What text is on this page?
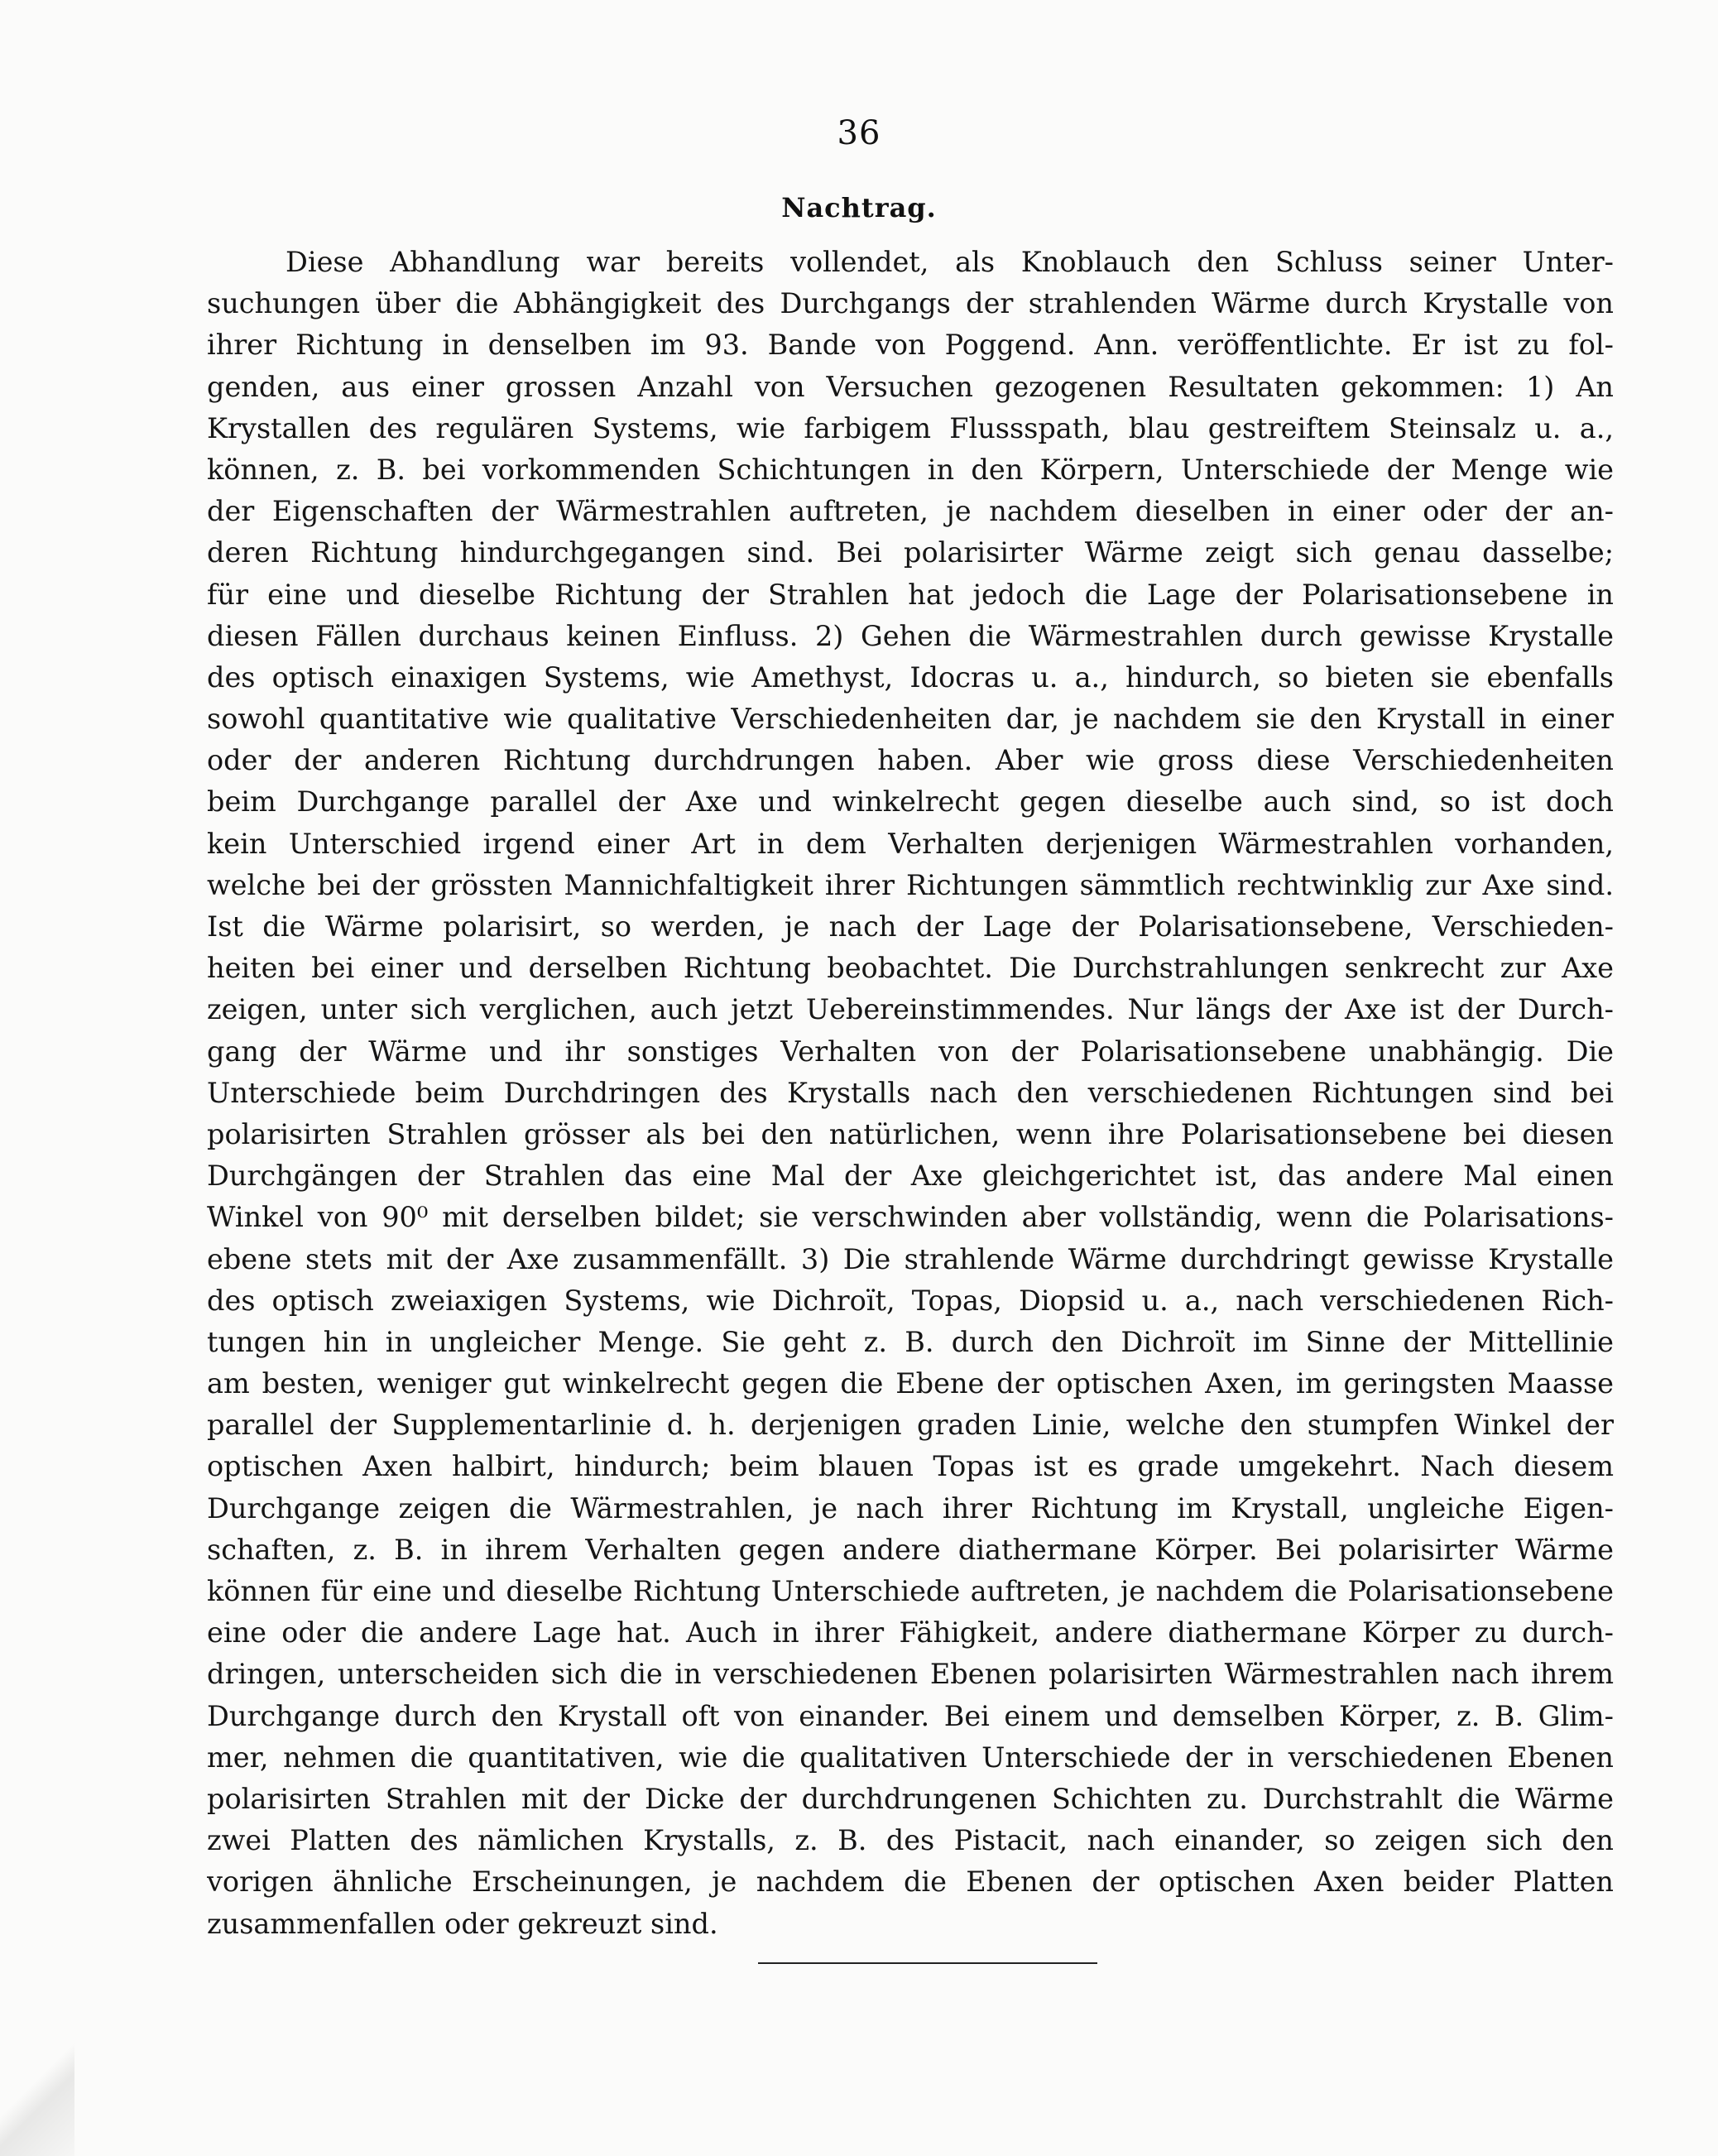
36
Nachtrag.
Diese Abhandlung war bereits vollendet, als Knoblauch den Schluss seiner Unter-
suchungen über die Abhängigkeit des Durchgangs der strahlenden Wärme durch Krystalle von
ihrer Richtung in denselben im 93. Bande von Poggend. Ann. veröffentlichte. Er ist zu fol-
genden, aus einer grossen Anzahl von Versuchen gezogenen Resultaten gekommen: 1) An
Krystallen des regulären Systems, wie farbigem Flussspath, blau gestreiftem Steinsalz u. a.,
können, z. B. bei vorkommenden Schichtungen in den Körpern, Unterschiede der Menge wie
der Eigenschaften der Wärmestrahlen auftreten, je nachdem dieselben in einer oder der an-
deren Richtung hindurchgegangen sind. Bei polarisirter Wärme zeigt sich genau dasselbe;
für eine und dieselbe Richtung der Strahlen hat jedoch die Lage der Polarisationsebene in
diesen Fällen durchaus keinen Einfluss. 2) Gehen die Wärmestrahlen durch gewisse Krystalle
des optisch einaxigen Systems, wie Amethyst, Idocras u. a., hindurch, so bieten sie ebenfalls
sowohl quantitative wie qualitative Verschiedenheiten dar, je nachdem sie den Krystall in einer
oder der anderen Richtung durchdrungen haben. Aber wie gross diese Verschiedenheiten
beim Durchgange parallel der Axe und winkelrecht gegen dieselbe auch sind, so ist doch
kein Unterschied irgend einer Art in dem Verhalten derjenigen Wärmestrahlen vorhanden,
welche bei der grössten Mannichfaltigkeit ihrer Richtungen sämmtlich rechtwinklig zur Axe sind.
Ist die Wärme polarisirt, so werden, je nach der Lage der Polarisationsebene, Verschieden-
heiten bei einer und derselben Richtung beobachtet. Die Durchstrahlungen senkrecht zur Axe
zeigen, unter sich verglichen, auch jetzt Uebereinstimmendes. Nur längs der Axe ist der Durch-
gang der Wärme und ihr sonstiges Verhalten von der Polarisationsebene unabhängig. Die
Unterschiede beim Durchdringen des Krystalls nach den verschiedenen Richtungen sind bei
polarisirten Strahlen grösser als bei den natürlichen, wenn ihre Polarisationsebene bei diesen
Durchgängen der Strahlen das eine Mal der Axe gleichgerichtet ist, das andere Mal einen
Winkel von 90⁰ mit derselben bildet; sie verschwinden aber vollständig, wenn die Polarisations-
ebene stets mit der Axe zusammenfällt. 3) Die strahlende Wärme durchdringt gewisse Krystalle
des optisch zweiaxigen Systems, wie Dichroït, Topas, Diopsid u. a., nach verschiedenen Rich-
tungen hin in ungleicher Menge. Sie geht z. B. durch den Dichroït im Sinne der Mittellinie
am besten, weniger gut winkelrecht gegen die Ebene der optischen Axen, im geringsten Maasse
parallel der Supplementarlinie d. h. derjenigen graden Linie, welche den stumpfen Winkel der
optischen Axen halbirt, hindurch; beim blauen Topas ist es grade umgekehrt. Nach diesem
Durchgange zeigen die Wärmestrahlen, je nach ihrer Richtung im Krystall, ungleiche Eigen-
schaften, z. B. in ihrem Verhalten gegen andere diathermane Körper. Bei polarisirter Wärme
können für eine und dieselbe Richtung Unterschiede auftreten, je nachdem die Polarisationsebene
eine oder die andere Lage hat. Auch in ihrer Fähigkeit, andere diathermane Körper zu durch-
dringen, unterscheiden sich die in verschiedenen Ebenen polarisirten Wärmestrahlen nach ihrem
Durchgange durch den Krystall oft von einander. Bei einem und demselben Körper, z. B. Glim-
mer, nehmen die quantitativen, wie die qualitativen Unterschiede der in verschiedenen Ebenen
polarisirten Strahlen mit der Dicke der durchdrungenen Schichten zu. Durchstrahlt die Wärme
zwei Platten des nämlichen Krystalls, z. B. des Pistacit, nach einander, so zeigen sich den
vorigen ähnliche Erscheinungen, je nachdem die Ebenen der optischen Axen beider Platten
zusammenfallen oder gekreuzt sind.
